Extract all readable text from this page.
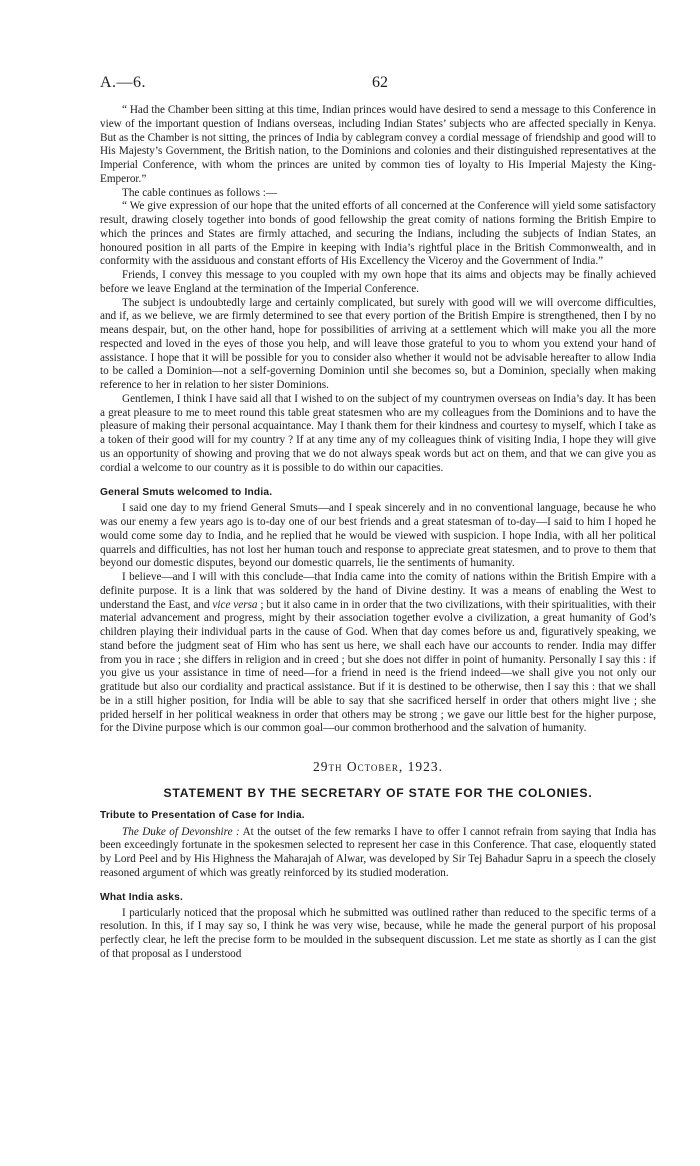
A.—6.	62

“ Had the Chamber been sitting at this time, Indian princes would have desired to send a message to this Conference in view of the important question of Indians overseas, including Indian States’ subjects who are affected specially in Kenya. But as the Chamber is not sitting, the princes of India by cablegram convey a cordial message of friendship and good will to His Majesty’s Government, the British nation, to the Dominions and colonies and their distinguished representatives at the Imperial Conference, with whom the princes are united by common ties of loyalty to His Imperial Majesty the King-Emperor.”

The cable continues as follows :—

“ We give expression of our hope that the united efforts of all concerned at the Conference will yield some satisfactory result, drawing closely together into bonds of good fellowship the great comity of nations forming the British Empire to which the princes and States are firmly attached, and securing the Indians, including the subjects of Indian States, an honoured position in all parts of the Empire in keeping with India’s rightful place in the British Commonwealth, and in conformity with the assiduous and constant efforts of His Excellency the Viceroy and the Government of India.”

Friends, I convey this message to you coupled with my own hope that its aims and objects may be finally achieved before we leave England at the termination of the Imperial Conference.

The subject is undoubtedly large and certainly complicated, but surely with good will we will overcome difficulties, and if, as we believe, we are firmly determined to see that every portion of the British Empire is strengthened, then I by no means despair, but, on the other hand, hope for possibilities of arriving at a settlement which will make you all the more respected and loved in the eyes of those you help, and will leave those grateful to you to whom you extend your hand of assistance. I hope that it will be possible for you to consider also whether it would not be advisable hereafter to allow India to be called a Dominion—not a self-governing Dominion until she becomes so, but a Dominion, specially when making reference to her in relation to her sister Dominions.

Gentlemen, I think I have said all that I wished to on the subject of my countrymen overseas on India’s day. It has been a great pleasure to me to meet round this table great statesmen who are my colleagues from the Dominions and to have the pleasure of making their personal acquaintance. May I thank them for their kindness and courtesy to myself, which I take as a token of their good will for my country ? If at any time any of my colleagues think of visiting India, I hope they will give us an opportunity of showing and proving that we do not always speak words but act on them, and that we can give you as cordial a welcome to our country as it is possible to do within our capacities.

General Smuts welcomed to India.

I said one day to my friend General Smuts—and I speak sincerely and in no conventional language, because he who was our enemy a few years ago is to-day one of our best friends and a great statesman of to-day—I said to him I hoped he would come some day to India, and he replied that he would be viewed with suspicion. I hope India, with all her political quarrels and difficulties, has not lost her human touch and response to appreciate great statesmen, and to prove to them that beyond our domestic disputes, beyond our domestic quarrels, lie the sentiments of humanity.

I believe—and I will with this conclude—that India came into the comity of nations within the British Empire with a definite purpose. It is a link that was soldered by the hand of Divine destiny. It was a means of enabling the West to understand the East, and vice versa ; but it also came in in order that the two civilizations, with their spiritualities, with their material advancement and progress, might by their association together evolve a civilization, a great humanity of God’s children playing their individual parts in the cause of God. When that day comes before us and, figuratively speaking, we stand before the judgment seat of Him who has sent us here, we shall each have our accounts to render. India may differ from you in race ; she differs in religion and in creed ; but she does not differ in point of humanity. Personally I say this : if you give us your assistance in time of need—for a friend in need is the friend indeed—we shall give you not only our gratitude but also our cordiality and practical assistance. But if it is destined to be otherwise, then I say this : that we shall be in a still higher position, for India will be able to say that she sacrificed herself in order that others might live ; she prided herself in her political weakness in order that others may be strong ; we gave our little best for the higher purpose, for the Divine purpose which is our common goal—our common brotherhood and the salvation of humanity.

29th October, 1923.
STATEMENT BY THE SECRETARY OF STATE FOR THE COLONIES.
Tribute to Presentation of Case for India.

The Duke of Devonshire : At the outset of the few remarks I have to offer I cannot refrain from saying that India has been exceedingly fortunate in the spokesmen selected to represent her case in this Conference. That case, eloquently stated by Lord Peel and by His Highness the Maharajah of Alwar, was developed by Sir Tej Bahadur Sapru in a speech the closely reasoned argument of which was greatly reinforced by its studied moderation.

What India asks.

I particularly noticed that the proposal which he submitted was outlined rather than reduced to the specific terms of a resolution. In this, if I may say so, I think he was very wise, because, while he made the general purport of his proposal perfectly clear, he left the precise form to be moulded in the subsequent discussion. Let me state as shortly as I can the gist of that proposal as I understood
